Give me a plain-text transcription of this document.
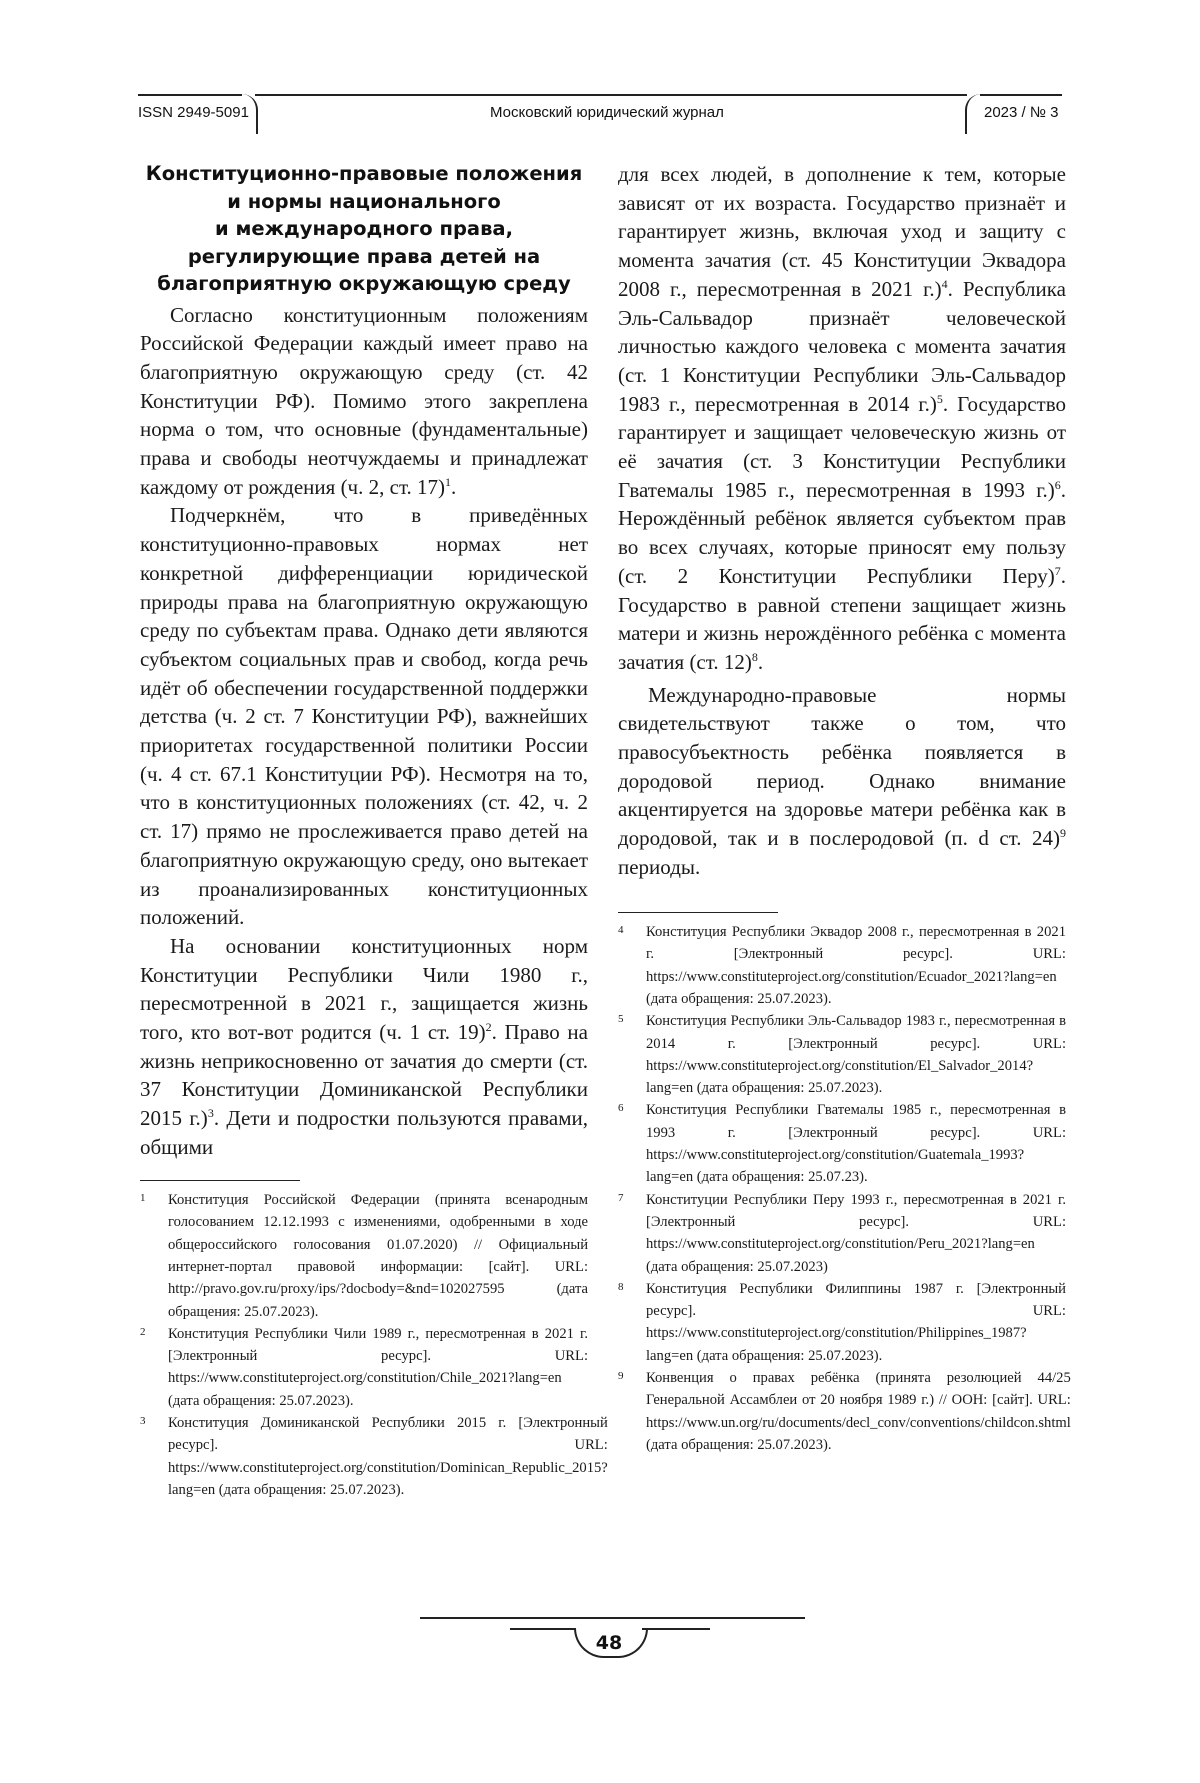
ISSN 2949-5091	Московский юридический журнал	2023 / № 3
Конституционно-правовые положения
и нормы национального
и международного права,
регулирующие права детей на
благоприятную окружающую среду

Согласно конституционным положениям Российской Федерации каждый имеет право на благоприятную окружающую среду (ст. 42 Конституции РФ). Помимо этого закреплена норма о том, что основные (фундаментальные) права и свободы неотчуждаемы и принадлежат каждому от рождения (ч. 2, ст. 17)$^1$.

Подчеркнём, что в приведённых конституционно-правовых нормах нет конкретной дифференциации юридической природы права на благоприятную окружающую среду по субъектам права. Однако дети являются субъектом социальных прав и свобод, когда речь идёт об обеспечении государственной поддержки детства (ч. 2 ст. 7 Конституции РФ), важнейших приоритетах государственной политики России (ч. 4 ст. 67.1 Конституции РФ). Несмотря на то, что в конституционных положениях (ст. 42, ч. 2 ст. 17) прямо не прослеживается право детей на благоприятную окружающую среду, оно вытекает из проанализированных конституционных положений.

На основании конституционных норм Конституции Республики Чили 1980 г., пересмотренной в 2021 г., защищается жизнь того, кто вот-вот родится (ч. 1 ст. 19)$^2$. Право на жизнь неприкосновенно от зачатия до смерти (ст. 37 Конституции Доминиканской Республики 2015 г.)$^3$. Дети и подростки пользуются правами, общими

1	Конституция Российской Федерации (принята всенародным голосованием 12.12.1993 с изменениями, одобренными в ходе общероссийского голосования 01.07.2020) // Официальный интернет-портал правовой информации: [сайт]. URL: http://pravo.gov.ru/proxy/ips/?docbody=&nd=102027595 (дата обращения: 25.07.2023).
2	Конституция Республики Чили 1989 г., пересмотренная в 2021 г. [Электронный ресурс]. URL: https://www.constituteproject.org/constitution/Chile_2021?lang=en (дата обращения: 25.07.2023).
3	Конституция Доминиканской Республики 2015 г. [Электронный ресурс]. URL: https://www.constituteproject.org/constitution/Dominican_Republic_2015?lang=en (дата обращения: 25.07.2023).

для всех людей, в дополнение к тем, которые зависят от их возраста. Государство признаёт и гарантирует жизнь, включая уход и защиту с момента зачатия (ст. 45 Конституции Эквадора 2008 г., пересмотренная в 2021 г.)$^4$. Республика Эль-Сальвадор признаёт человеческой личностью каждого человека с момента зачатия (ст. 1 Конституции Республики Эль-Сальвадор 1983 г., пересмотренная в 2014 г.)$^5$. Государство гарантирует и защищает человеческую жизнь от её зачатия (ст. 3 Конституции Республики Гватемалы 1985 г., пересмотренная в 1993 г.)$^6$. Нерождённый ребёнок является субъектом прав во всех случаях, которые приносят ему пользу (ст. 2 Конституции Республики Перу)$^7$. Государство в равной степени защищает жизнь матери и жизнь нерождённого ребёнка с момента зачатия (ст. 12)$^8$.

Международно-правовые нормы свидетельствуют также о том, что правосубъектность ребёнка появляется в дородовой период. Однако внимание акцентируется на здоровье матери ребёнка как в дородовой, так и в послеродовой (п. d ст. 24)$^9$ периоды.

4	Конституция Республики Эквадор 2008 г., пересмотренная в 2021 г. [Электронный ресурс]. URL: https://www.constituteproject.org/constitution/Ecuador_2021?lang=en (дата обращения: 25.07.2023).
5	Конституция Республики Эль-Сальвадор 1983 г., пересмотренная в 2014 г. [Электронный ресурс]. URL: https://www.constituteproject.org/constitution/El_Salvador_2014?lang=en (дата обращения: 25.07.2023).
6	Конституция Республики Гватемалы 1985 г., пересмотренная в 1993 г. [Электронный ресурс]. URL: https://www.constituteproject.org/constitution/Guatemala_1993?lang=en (дата обращения: 25.07.23).
7	Конституции Республики Перу 1993 г., пересмотренная в 2021 г. [Электронный ресурс]. URL: https://www.constituteproject.org/constitution/Peru_2021?lang=en (дата обращения: 25.07.2023)
8	Конституция Республики Филиппины 1987 г. [Электронный ресурс]. URL: https://www.constituteproject.org/constitution/Philippines_1987?lang=en (дата обращения: 25.07.2023).
9	Конвенция о правах ребёнка (принята резолюцией 44/25 Генеральной Ассамблеи от 20 ноября 1989 г.) // ООН: [сайт]. URL: https://www.un.org/ru/documents/decl_conv/conventions/childcon.shtml (дата обращения: 25.07.2023).
48
